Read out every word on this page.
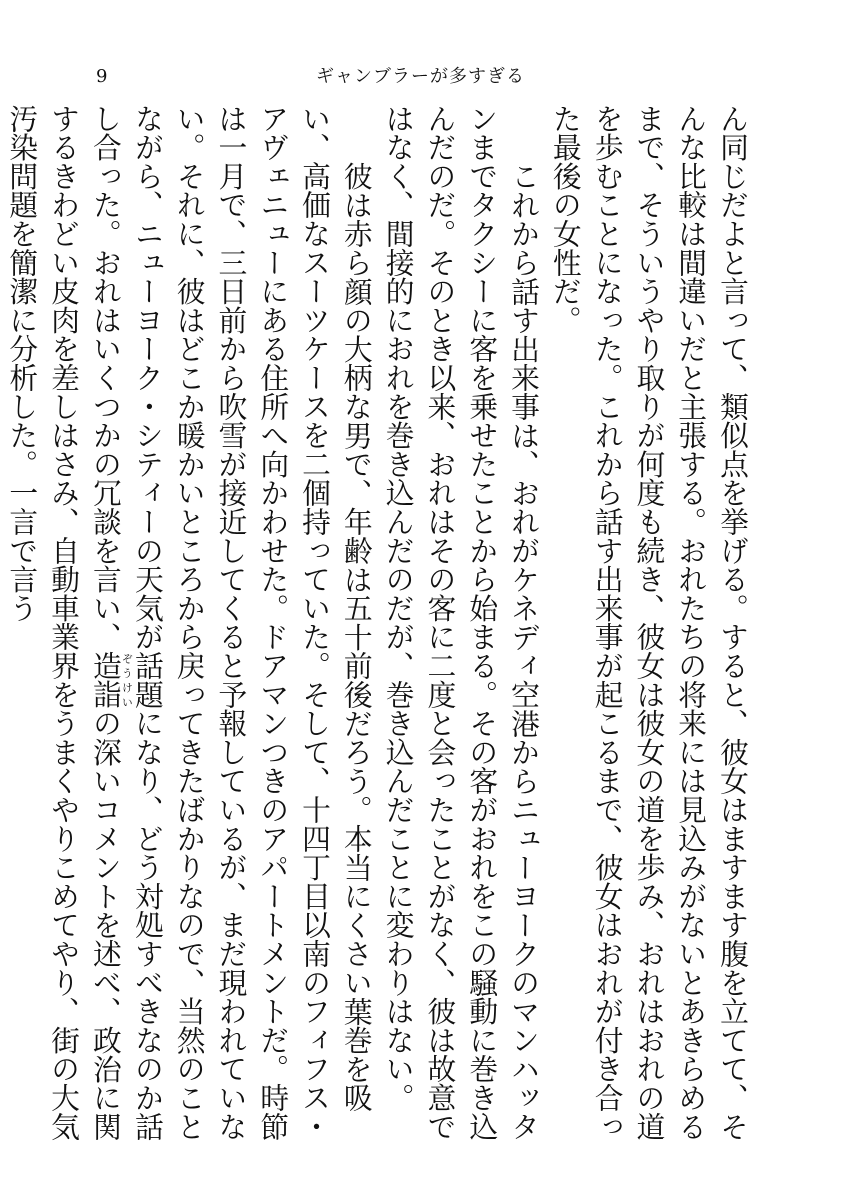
9	ギャンブラーが多すぎる

ん同じだよと言って、類似点を挙げる。すると、彼女はますます腹を立てて、そんな比較は間違いだと主張する。おれたちの将来には見込みがないとあきらめるまで、そういうやり取りが何度も続き、彼女は彼女の道を歩み、おれはおれの道を歩むことになった。これから話す出来事が起こるまで、彼女はおれが付き合った最後の女性だ。

これから話す出来事は、おれがケネディ空港からニューヨークのマンハッタンまでタクシーに客を乗せたことから始まる。その客がおれをこの騒動に巻き込んだのだ。そのとき以来、おれはその客に二度と会ったことがなく、彼は故意ではなく、間接的におれを巻き込んだのだが、巻き込んだことに変わりはない。

彼は赤ら顔の大柄な男で、年齢は五十前後だろう。本当にくさい葉巻を吸い、高価なスーツケースを二個持っていた。そして、十四丁目以南のフィフス・アヴェニューにある住所へ向かわせた。ドアマンつきのアパートメントだ。時節は一月で、三日前から吹雪が接近してくると予報しているが、まだ現われていない。それに、彼はどこか暖かいところから戻ってきたばかりなので、当然のことながら、ニューヨーク・シティーの天気が話題になり、どう対処すべきなのか話し合った。おれはいくつかの冗談を言い、造詣ぞうけいの深いコメントを述べ、政治に関するきわどい皮肉を差しはさみ、自動車業界をうまくやりこめてやり、街の大気汚染問題を簡潔に分析した。一言で言う
